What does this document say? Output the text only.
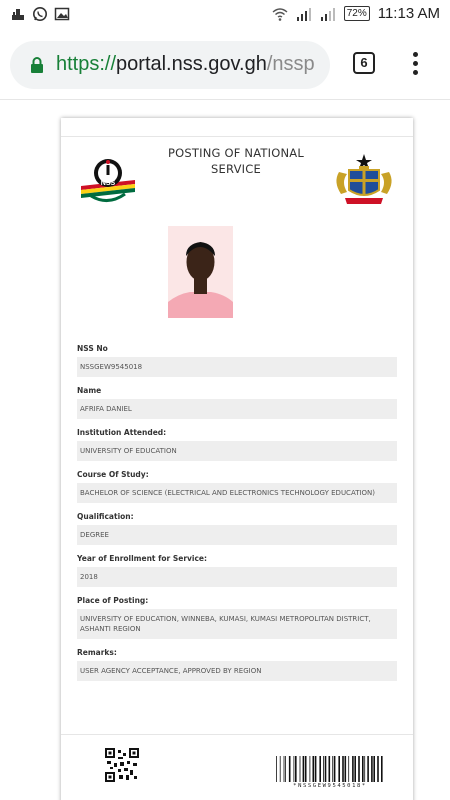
72% 11:13 AM
https://portal.nss.gov.gh/nssp	6
NSS
POSTING OF NATIONAL SERVICE
NSS No
NSSGEW9545018
Name
AFRIFA DANIEL
Institution Attended:
UNIVERSITY OF EDUCATION
Course Of Study:
BACHELOR OF SCIENCE (ELECTRICAL AND ELECTRONICS TECHNOLOGY EDUCATION)
Qualification:
DEGREE
Year of Enrollment for Service:
2018
Place of Posting:
UNIVERSITY OF EDUCATION, WINNEBA, KUMASI, KUMASI METROPOLITAN DISTRICT, ASHANTI REGION
Remarks:
USER AGENCY ACCEPTANCE, APPROVED BY REGION
*NSSGEW9545018*
